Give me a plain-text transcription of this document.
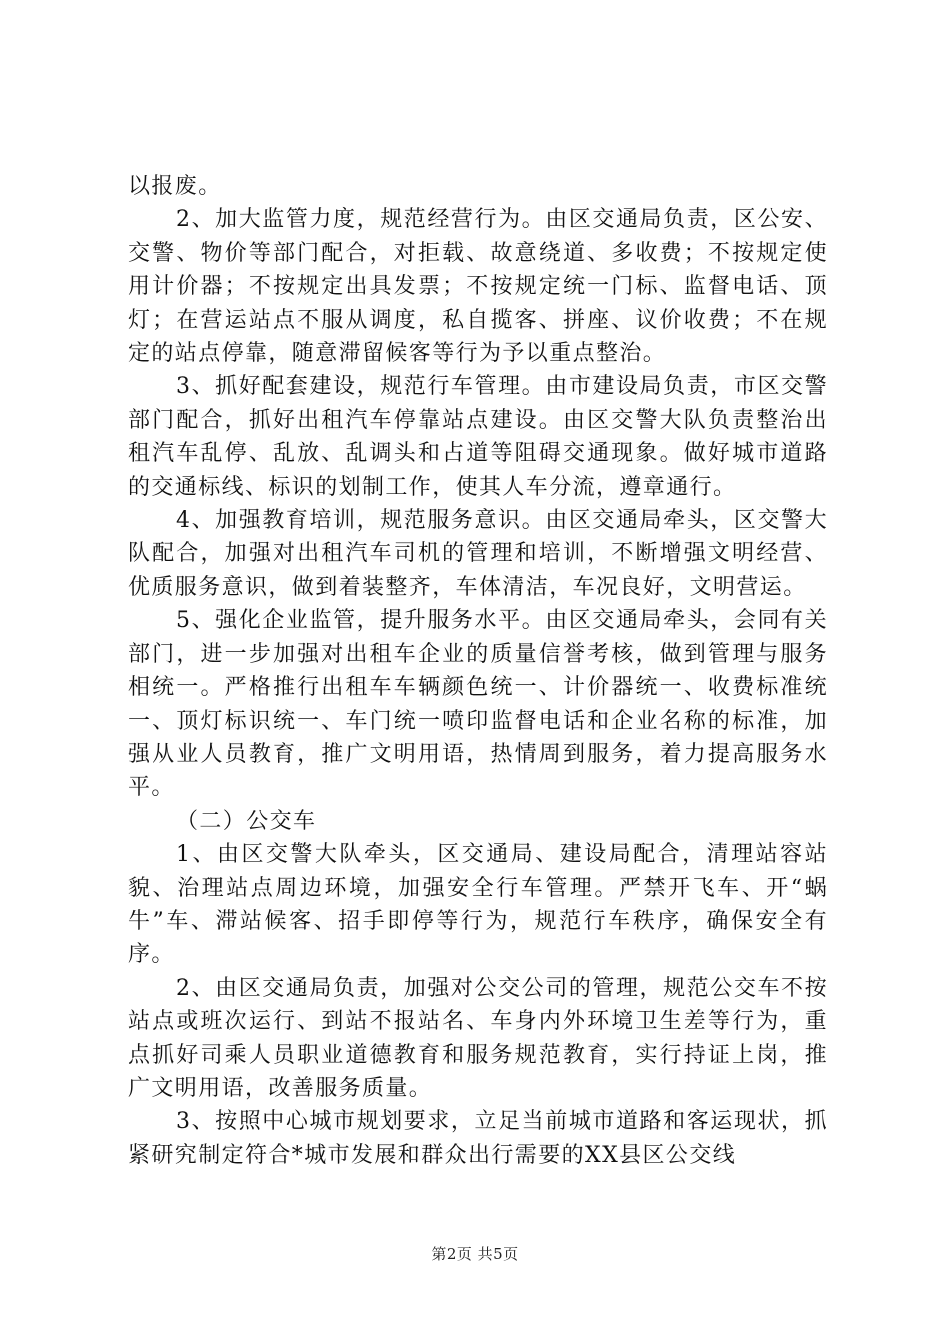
以报废。

2、加大监管力度，规范经营行为。由区交通局负责，区公安、交警、物价等部门配合，对拒载、故意绕道、多收费；不按规定使用计价器；不按规定出具发票；不按规定统一门标、监督电话、顶灯；在营运站点不服从调度，私自揽客、拼座、议价收费；不在规定的站点停靠，随意滞留候客等行为予以重点整治。

3、抓好配套建设，规范行车管理。由市建设局负责，市区交警部门配合，抓好出租汽车停靠站点建设。由区交警大队负责整治出租汽车乱停、乱放、乱调头和占道等阻碍交通现象。做好城市道路的交通标线、标识的划制工作，使其人车分流，遵章通行。

4、加强教育培训，规范服务意识。由区交通局牵头，区交警大队配合，加强对出租汽车司机的管理和培训，不断增强文明经营、优质服务意识，做到着装整齐，车体清洁，车况良好，文明营运。

5、强化企业监管，提升服务水平。由区交通局牵头，会同有关部门，进一步加强对出租车企业的质量信誉考核，做到管理与服务相统一。严格推行出租车车辆颜色统一、计价器统一、收费标准统一、顶灯标识统一、车门统一喷印监督电话和企业名称的标准，加强从业人员教育，推广文明用语，热情周到服务，着力提高服务水平。

（二）公交车

1、由区交警大队牵头，区交通局、建设局配合，清理站容站貌、治理站点周边环境，加强安全行车管理。严禁开飞车、开“蜗牛”车、滞站候客、招手即停等行为，规范行车秩序，确保安全有序。

2、由区交通局负责，加强对公交公司的管理，规范公交车不按站点或班次运行、到站不报站名、车身内外环境卫生差等行为，重点抓好司乘人员职业道德教育和服务规范教育，实行持证上岗，推广文明用语，改善服务质量。

3、按照中心城市规划要求，立足当前城市道路和客运现状，抓紧研究制定符合*城市发展和群众出行需要的XX县区公交线

第2页 共5页
